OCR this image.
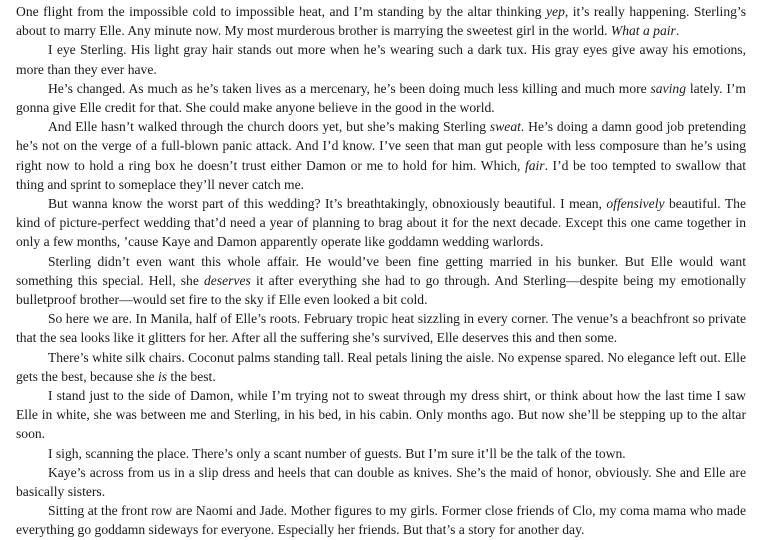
One flight from the impossible cold to impossible heat, and I’m standing by the altar thinking yep, it’s really happening. Sterling’s about to marry Elle. Any minute now. My most murderous brother is marrying the sweetest girl in the world. What a pair.

I eye Sterling. His light gray hair stands out more when he’s wearing such a dark tux. His gray eyes give away his emotions, more than they ever have.

He’s changed. As much as he’s taken lives as a mercenary, he’s been doing much less killing and much more saving lately. I’m gonna give Elle credit for that. She could make anyone believe in the good in the world.

And Elle hasn’t walked through the church doors yet, but she’s making Sterling sweat. He’s doing a damn good job pretending he’s not on the verge of a full-blown panic attack. And I’d know. I’ve seen that man gut people with less composure than he’s using right now to hold a ring box he doesn’t trust either Damon or me to hold for him. Which, fair. I’d be too tempted to swallow that thing and sprint to someplace they’ll never catch me.

But wanna know the worst part of this wedding? It’s breathtakingly, obnoxiously beautiful. I mean, offensively beautiful. The kind of picture-perfect wedding that’d need a year of planning to brag about it for the next decade. Except this one came together in only a few months, ’cause Kaye and Damon apparently operate like goddamn wedding warlords.

Sterling didn’t even want this whole affair. He would’ve been fine getting married in his bunker. But Elle would want something this special. Hell, she deserves it after everything she had to go through. And Sterling—despite being my emotionally bulletproof brother—would set fire to the sky if Elle even looked a bit cold.

So here we are. In Manila, half of Elle’s roots. February tropic heat sizzling in every corner. The venue’s a beachfront so private that the sea looks like it glitters for her. After all the suffering she’s survived, Elle deserves this and then some.

There’s white silk chairs. Coconut palms standing tall. Real petals lining the aisle. No expense spared. No elegance left out. Elle gets the best, because she is the best.

I stand just to the side of Damon, while I’m trying not to sweat through my dress shirt, or think about how the last time I saw Elle in white, she was between me and Sterling, in his bed, in his cabin. Only months ago. But now she’ll be stepping up to the altar soon.

I sigh, scanning the place. There’s only a scant number of guests. But I’m sure it’ll be the talk of the town.

Kaye’s across from us in a slip dress and heels that can double as knives. She’s the maid of honor, obviously. She and Elle are basically sisters.

Sitting at the front row are Naomi and Jade. Mother figures to my girls. Former close friends of Clo, my coma mama who made everything go goddamn sideways for everyone. Especially her friends. But that’s a story for another day.
